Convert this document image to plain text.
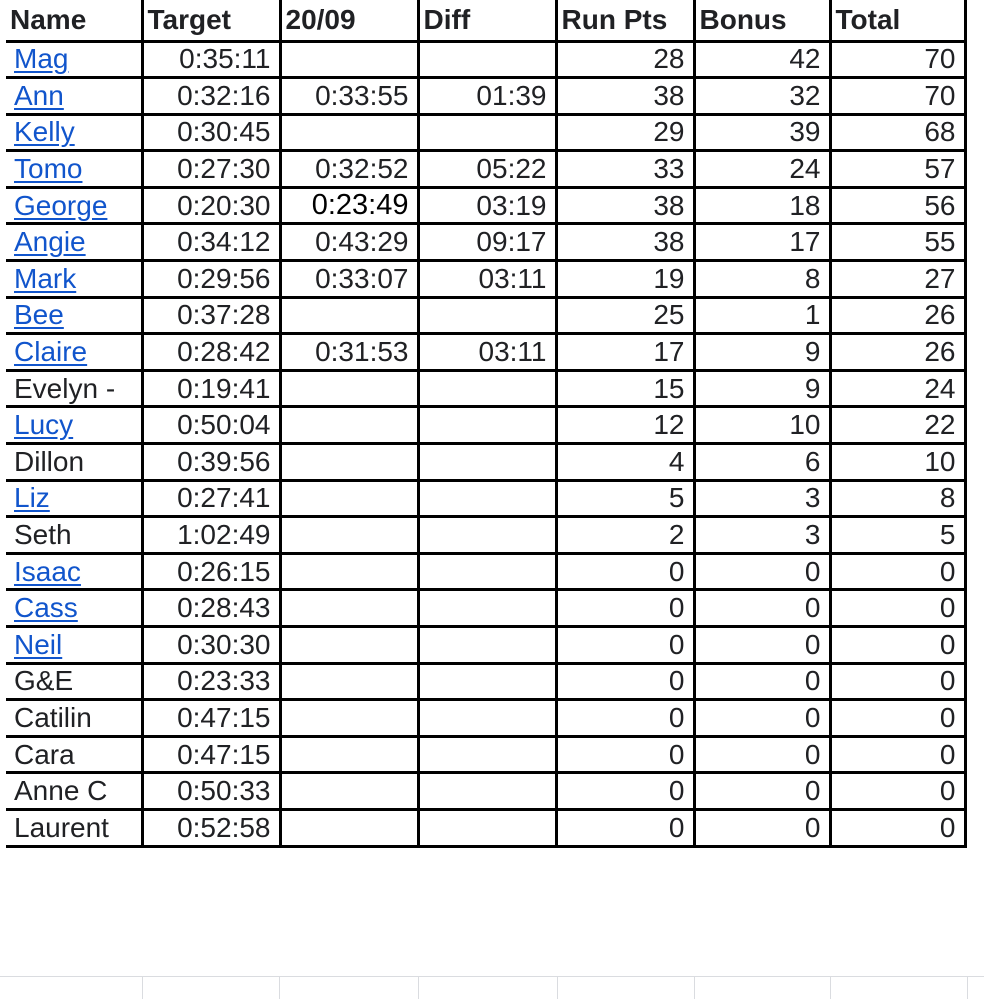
Name	Target	20/09	Diff	Run Pts	Bonus	Total
Mag	0:35:11			28	42	70
Ann	0:32:16	0:33:55	01:39	38	32	70
Kelly	0:30:45			29	39	68
Tomo	0:27:30	0:32:52	05:22	33	24	57
George	0:20:30	0:23:49	03:19	38	18	56
Angie	0:34:12	0:43:29	09:17	38	17	55
Mark	0:29:56	0:33:07	03:11	19	8	27
Bee	0:37:28			25	1	26
Claire	0:28:42	0:31:53	03:11	17	9	26
Evelyn -	0:19:41			15	9	24
Lucy	0:50:04			12	10	22
Dillon	0:39:56			4	6	10
Liz	0:27:41			5	3	8
Seth	1:02:49			2	3	5
Isaac	0:26:15			0	0	0
Cass	0:28:43			0	0	0
Neil	0:30:30			0	0	0
G&E	0:23:33			0	0	0
Catilin	0:47:15			0	0	0
Cara	0:47:15			0	0	0
Anne C	0:50:33			0	0	0
Laurent	0:52:58			0	0	0
